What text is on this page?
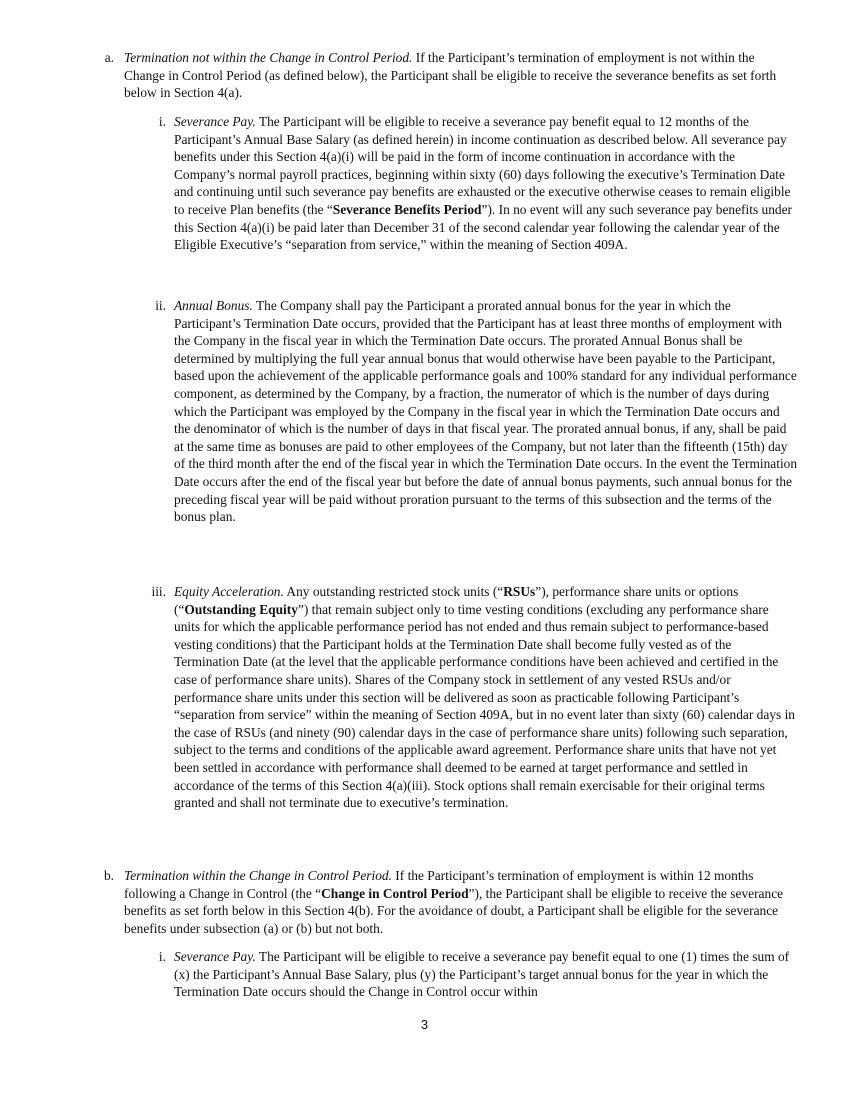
a. Termination not within the Change in Control Period. If the Participant’s termination of employment is not within the Change in Control Period (as defined below), the Participant shall be eligible to receive the severance benefits as set forth below in Section 4(a).
i. Severance Pay. The Participant will be eligible to receive a severance pay benefit equal to 12 months of the Participant’s Annual Base Salary (as defined herein) in income continuation as described below. All severance pay benefits under this Section 4(a)(i) will be paid in the form of income continuation in accordance with the Company’s normal payroll practices, beginning within sixty (60) days following the executive’s Termination Date and continuing until such severance pay benefits are exhausted or the executive otherwise ceases to remain eligible to receive Plan benefits (the “Severance Benefits Period”). In no event will any such severance pay benefits under this Section 4(a)(i) be paid later than December 31 of the second calendar year following the calendar year of the Eligible Executive’s “separation from service,” within the meaning of Section 409A.
ii. Annual Bonus. The Company shall pay the Participant a prorated annual bonus for the year in which the Participant’s Termination Date occurs, provided that the Participant has at least three months of employment with the Company in the fiscal year in which the Termination Date occurs. The prorated Annual Bonus shall be determined by multiplying the full year annual bonus that would otherwise have been payable to the Participant, based upon the achievement of the applicable performance goals and 100% standard for any individual performance component, as determined by the Company, by a fraction, the numerator of which is the number of days during which the Participant was employed by the Company in the fiscal year in which the Termination Date occurs and the denominator of which is the number of days in that fiscal year. The prorated annual bonus, if any, shall be paid at the same time as bonuses are paid to other employees of the Company, but not later than the fifteenth (15th) day of the third month after the end of the fiscal year in which the Termination Date occurs. In the event the Termination Date occurs after the end of the fiscal year but before the date of annual bonus payments, such annual bonus for the preceding fiscal year will be paid without proration pursuant to the terms of this subsection and the terms of the bonus plan.
iii. Equity Acceleration. Any outstanding restricted stock units (“RSUs”), performance share units or options (“Outstanding Equity”) that remain subject only to time vesting conditions (excluding any performance share units for which the applicable performance period has not ended and thus remain subject to performance-based vesting conditions) that the Participant holds at the Termination Date shall become fully vested as of the Termination Date (at the level that the applicable performance conditions have been achieved and certified in the case of performance share units). Shares of the Company stock in settlement of any vested RSUs and/or performance share units under this section will be delivered as soon as practicable following Participant’s “separation from service” within the meaning of Section 409A, but in no event later than sixty (60) calendar days in the case of RSUs (and ninety (90) calendar days in the case of performance share units) following such separation, subject to the terms and conditions of the applicable award agreement. Performance share units that have not yet been settled in accordance with performance shall deemed to be earned at target performance and settled in accordance of the terms of this Section 4(a)(iii). Stock options shall remain exercisable for their original terms granted and shall not terminate due to executive’s termination.
b. Termination within the Change in Control Period. If the Participant’s termination of employment is within 12 months following a Change in Control (the “Change in Control Period”), the Participant shall be eligible to receive the severance benefits as set forth below in this Section 4(b). For the avoidance of doubt, a Participant shall be eligible for the severance benefits under subsection (a) or (b) but not both.
i. Severance Pay. The Participant will be eligible to receive a severance pay benefit equal to one (1) times the sum of (x) the Participant’s Annual Base Salary, plus (y) the Participant’s target annual bonus for the year in which the Termination Date occurs should the Change in Control occur within
3
